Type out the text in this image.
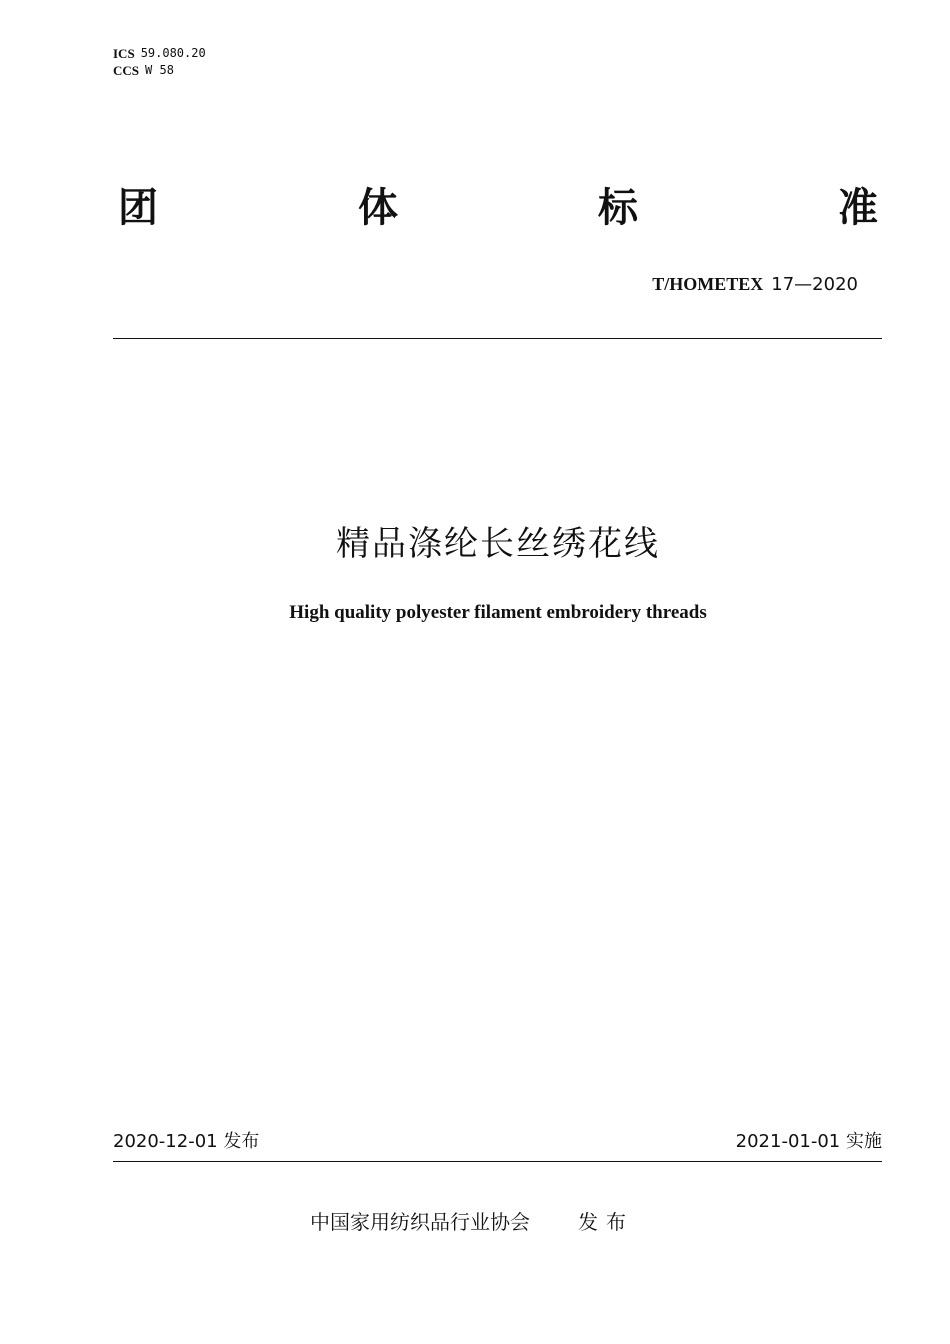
ICS 59.080.20
CCS W 58
团	体	标	准
T/HOMETEX 17—2020
精品涤纶长丝绣花线
High quality polyester filament embroidery threads
2020-12-01 发布	2021-01-01 实施
中国家用纺织品行业协会 发布
